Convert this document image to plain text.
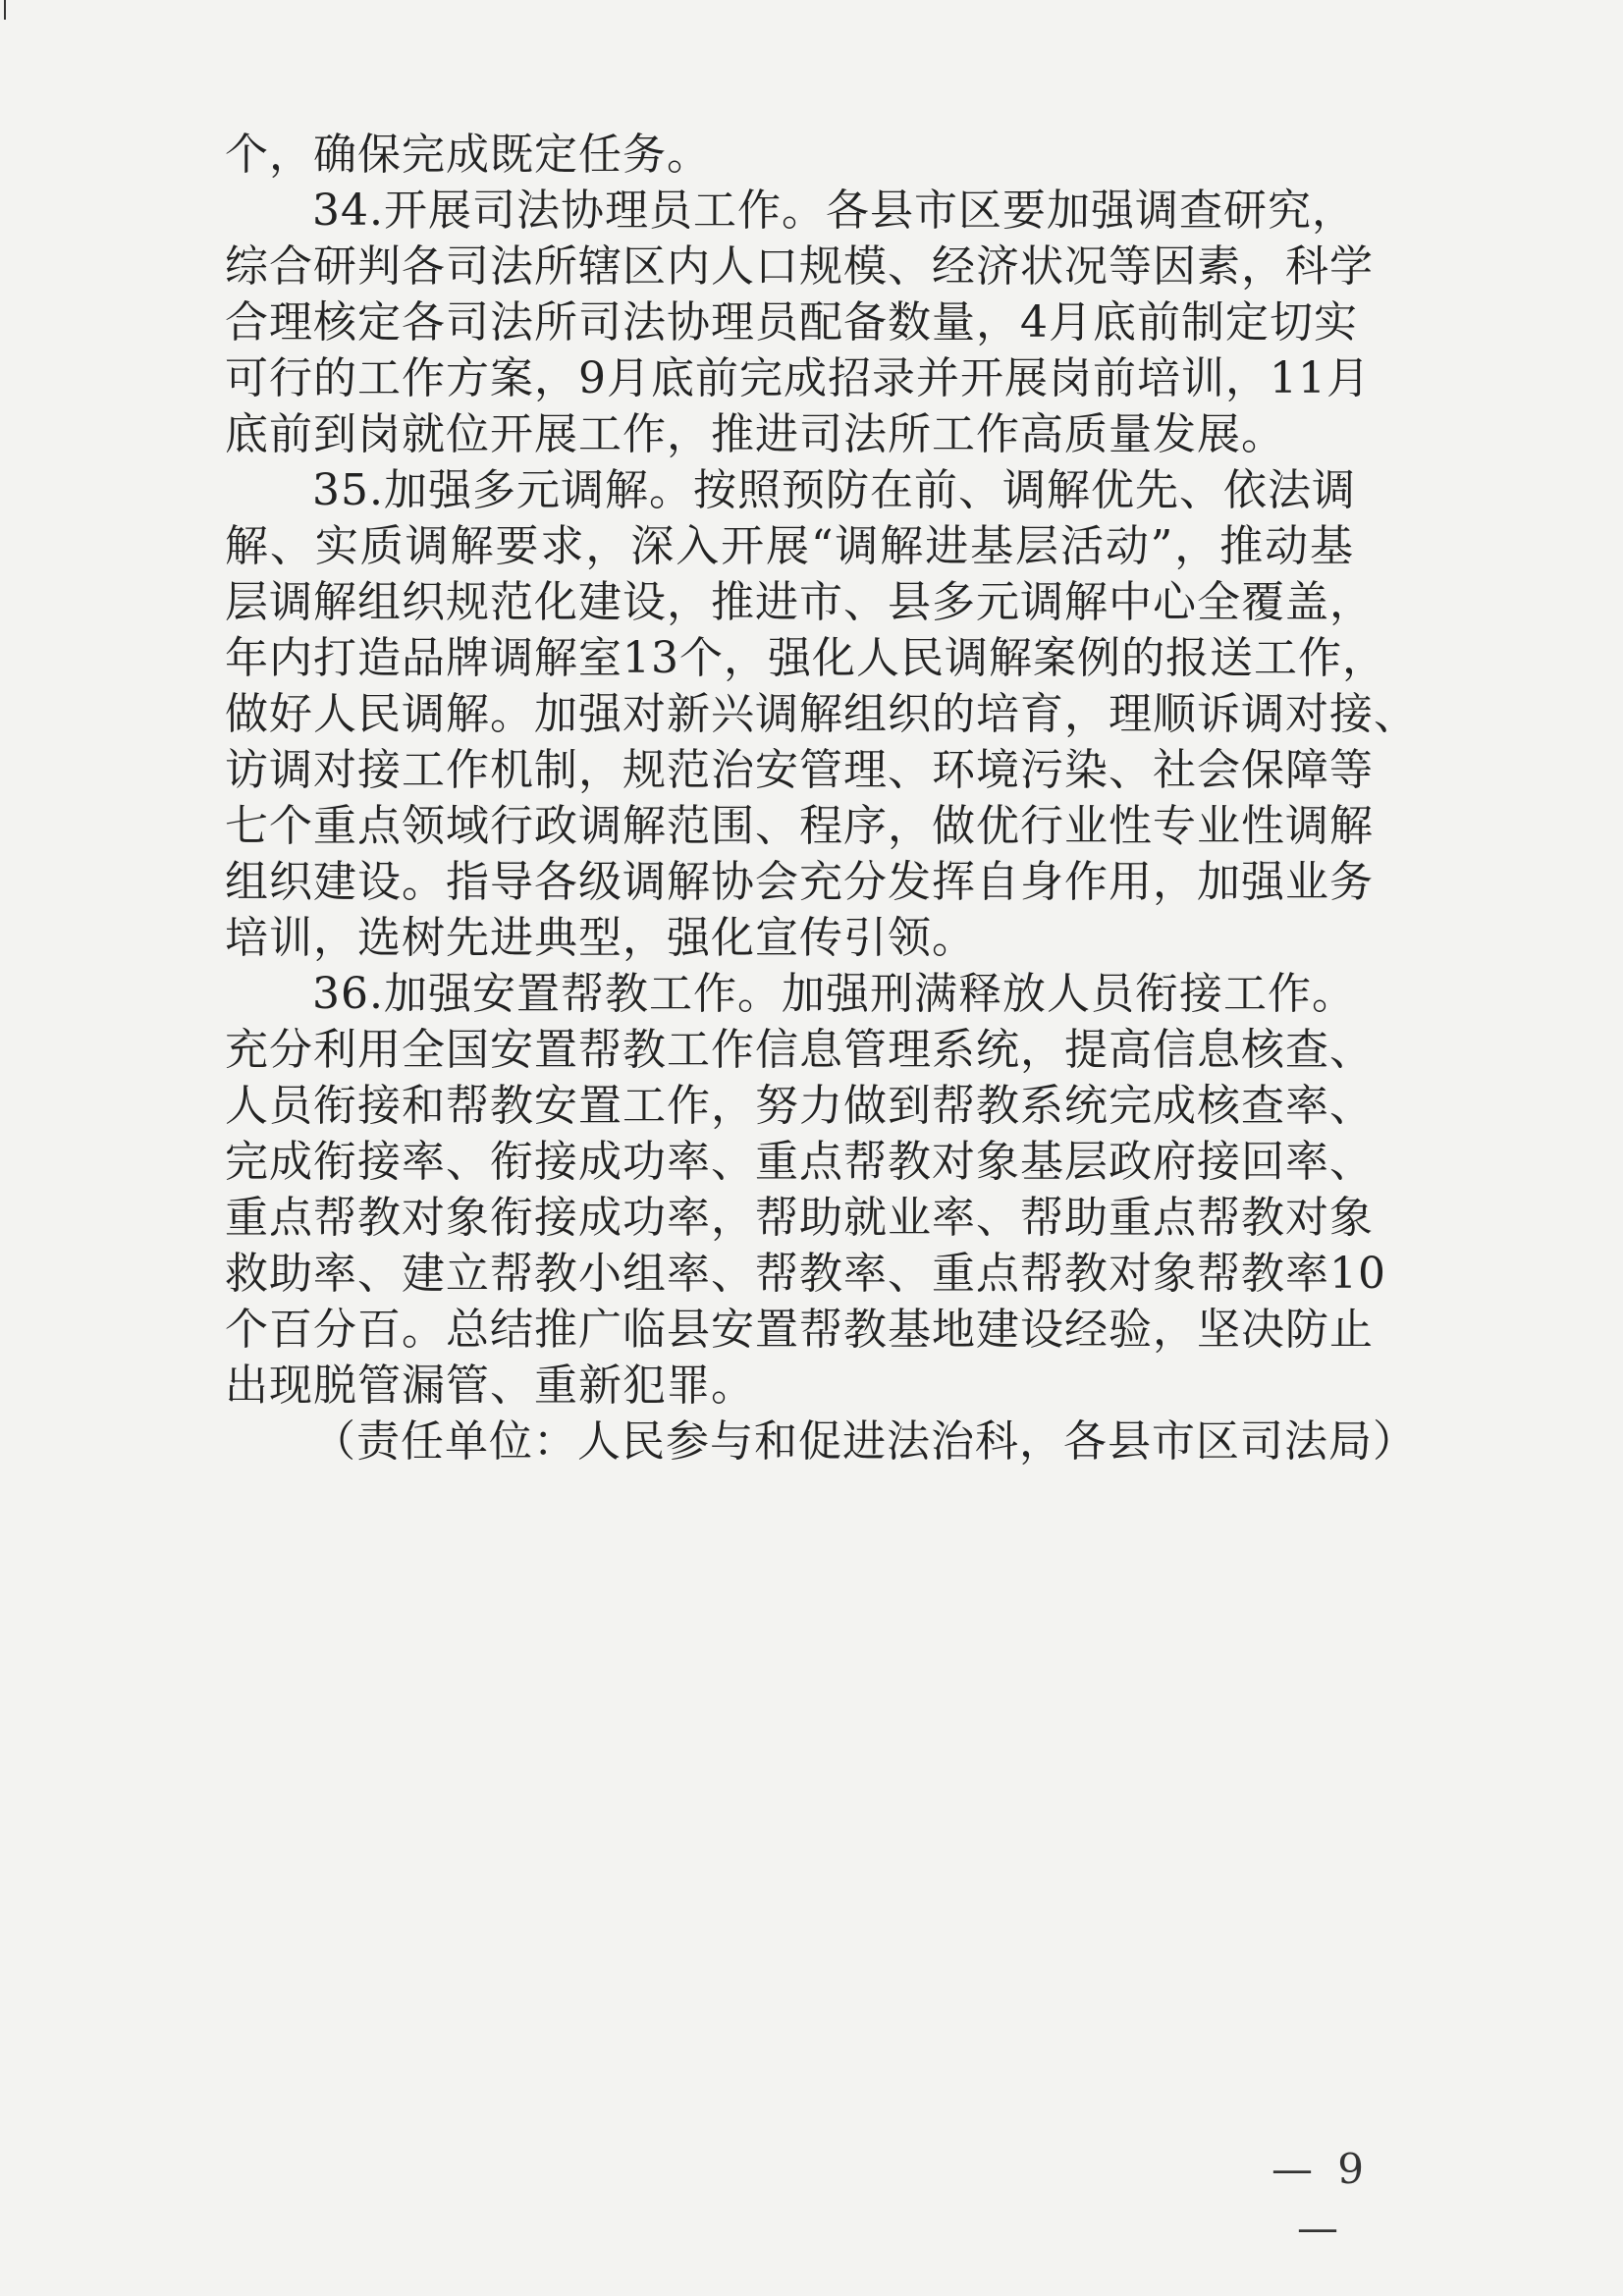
个，确保完成既定任务。
34.开展司法协理员工作。各县市区要加强调查研究，
综合研判各司法所辖区内人口规模、经济状况等因素，科学
合理核定各司法所司法协理员配备数量，4月底前制定切实
可行的工作方案，9月底前完成招录并开展岗前培训，11月
底前到岗就位开展工作，推进司法所工作高质量发展。
35.加强多元调解。按照预防在前、调解优先、依法调
解、实质调解要求，深入开展“调解进基层活动”，推动基
层调解组织规范化建设，推进市、县多元调解中心全覆盖，
年内打造品牌调解室13个，强化人民调解案例的报送工作，
做好人民调解。加强对新兴调解组织的培育，理顺诉调对接、
访调对接工作机制，规范治安管理、环境污染、社会保障等
七个重点领域行政调解范围、程序，做优行业性专业性调解
组织建设。指导各级调解协会充分发挥自身作用，加强业务
培训，选树先进典型，强化宣传引领。
36.加强安置帮教工作。加强刑满释放人员衔接工作。
充分利用全国安置帮教工作信息管理系统，提高信息核查、
人员衔接和帮教安置工作，努力做到帮教系统完成核查率、
完成衔接率、衔接成功率、重点帮教对象基层政府接回率、
重点帮教对象衔接成功率，帮助就业率、帮助重点帮教对象
救助率、建立帮教小组率、帮教率、重点帮教对象帮教率10
个百分百。总结推广临县安置帮教基地建设经验，坚决防止
出现脱管漏管、重新犯罪。
（责任单位：人民参与和促进法治科，各县市区司法局）
— 9 —
